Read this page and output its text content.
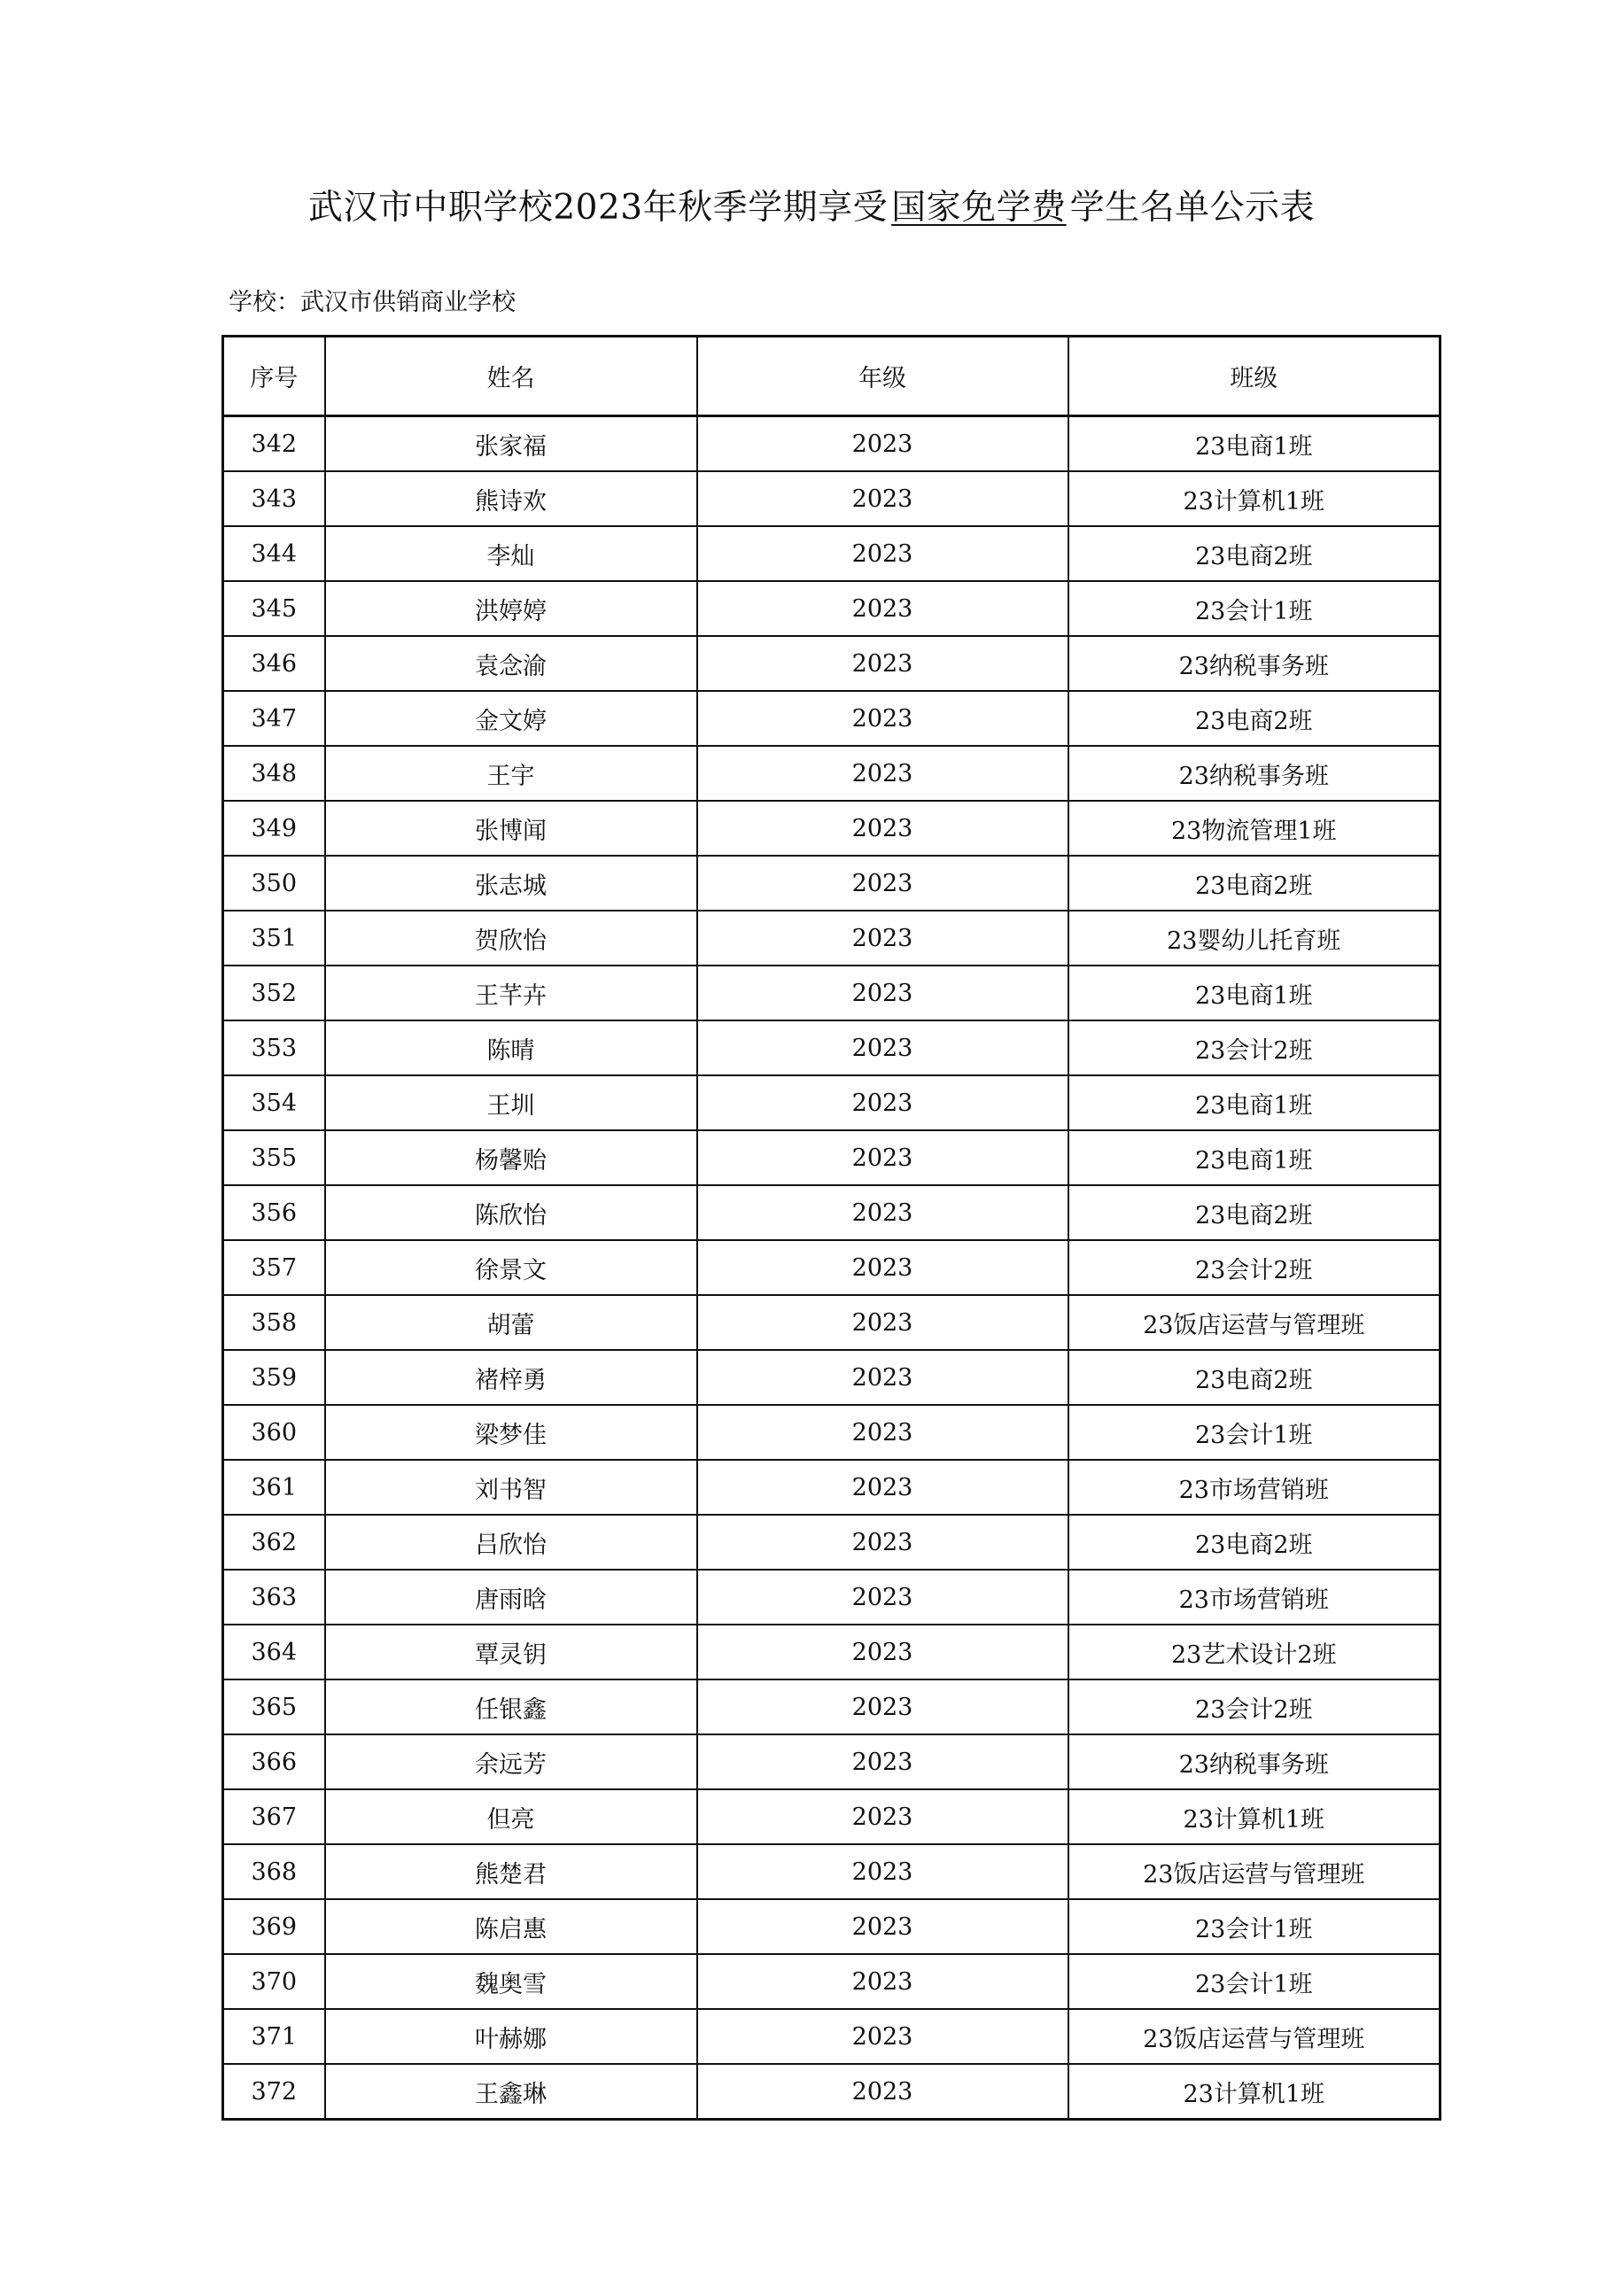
武汉市中职学校2023年秋季学期享受 国家免学费 学生名单公示表
学校：武汉市供销商业学校
序号	姓名	年级	班级
342	张家福	2023	23电商1班
343	熊诗欢	2023	23计算机1班
344	李灿	2023	23电商2班
345	洪婷婷	2023	23会计1班
346	袁念渝	2023	23纳税事务班
347	金文婷	2023	23电商2班
348	王宇	2023	23纳税事务班
349	张博闻	2023	23物流管理1班
350	张志城	2023	23电商2班
351	贺欣怡	2023	23婴幼儿托育班
352	王芊卉	2023	23电商1班
353	陈晴	2023	23会计2班
354	王圳	2023	23电商1班
355	杨馨贻	2023	23电商1班
356	陈欣怡	2023	23电商2班
357	徐景文	2023	23会计2班
358	胡蕾	2023	23饭店运营与管理班
359	褚梓勇	2023	23电商2班
360	梁梦佳	2023	23会计1班
361	刘书智	2023	23市场营销班
362	吕欣怡	2023	23电商2班
363	唐雨晗	2023	23市场营销班
364	覃灵钥	2023	23艺术设计2班
365	任银鑫	2023	23会计2班
366	余远芳	2023	23纳税事务班
367	但亮	2023	23计算机1班
368	熊楚君	2023	23饭店运营与管理班
369	陈启惠	2023	23会计1班
370	魏奥雪	2023	23会计1班
371	叶赫娜	2023	23饭店运营与管理班
372	王鑫琳	2023	23计算机1班
